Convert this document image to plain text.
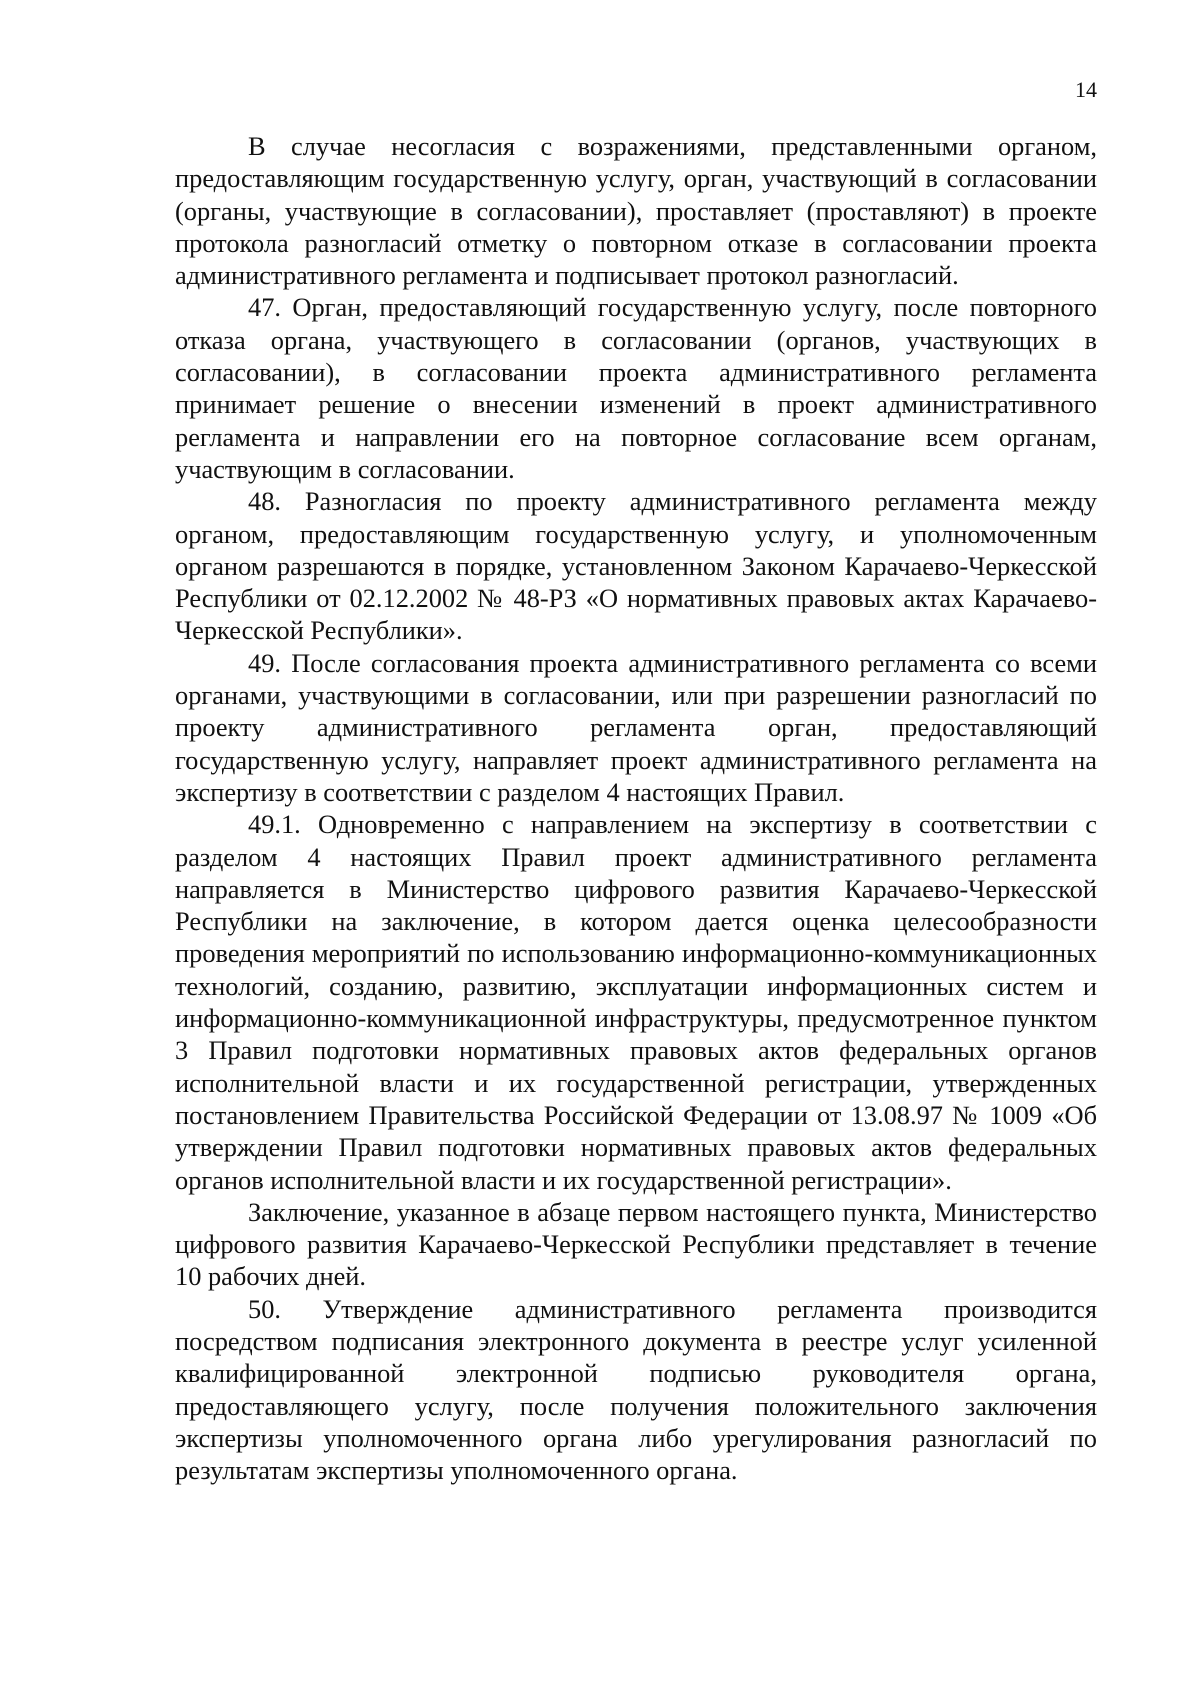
14

В случае несогласия с возражениями, представленными органом, предоставляющим государственную услугу, орган, участвующий в согласовании (органы, участвующие в согласовании), проставляет (проставляют) в проекте протокола разногласий отметку о повторном отказе в согласовании проекта административного регламента и подписывает протокол разногласий.

47. Орган, предоставляющий государственную услугу, после повторного отказа органа, участвующего в согласовании (органов, участвующих в согласовании), в согласовании проекта административного регламента принимает решение о внесении изменений в проект административного регламента и направлении его на повторное согласование всем органам, участвующим в согласовании.

48. Разногласия по проекту административного регламента между органом, предоставляющим государственную услугу, и уполномоченным органом разрешаются в порядке, установленном Законом Карачаево-Черкесской Республики от 02.12.2002 № 48-РЗ «О нормативных правовых актах Карачаево-Черкесской Республики».

49. После согласования проекта административного регламента со всеми органами, участвующими в согласовании, или при разрешении разногласий по проекту административного регламента орган, предоставляющий государственную услугу, направляет проект административного регламента на экспертизу в соответствии с разделом 4 настоящих Правил.

49.1. Одновременно с направлением на экспертизу в соответствии с разделом 4 настоящих Правил проект административного регламента направляется в Министерство цифрового развития Карачаево-Черкесской Республики на заключение, в котором дается оценка целесообразности проведения мероприятий по использованию информационно-коммуникационных технологий, созданию, развитию, эксплуатации информационных систем и информационно-коммуникационной инфраструктуры, предусмотренное пунктом 3 Правил подготовки нормативных правовых актов федеральных органов исполнительной власти и их государственной регистрации, утвержденных постановлением Правительства Российской Федерации от 13.08.97 № 1009 «Об утверждении Правил подготовки нормативных правовых актов федеральных органов исполнительной власти и их государственной регистрации».

Заключение, указанное в абзаце первом настоящего пункта, Министерство цифрового развития Карачаево-Черкесской Республики представляет в течение 10 рабочих дней.

50. Утверждение административного регламента производится посредством подписания электронного документа в реестре услуг усиленной квалифицированной электронной подписью руководителя органа, предоставляющего услугу, после получения положительного заключения экспертизы уполномоченного органа либо урегулирования разногласий по результатам экспертизы уполномоченного органа.
